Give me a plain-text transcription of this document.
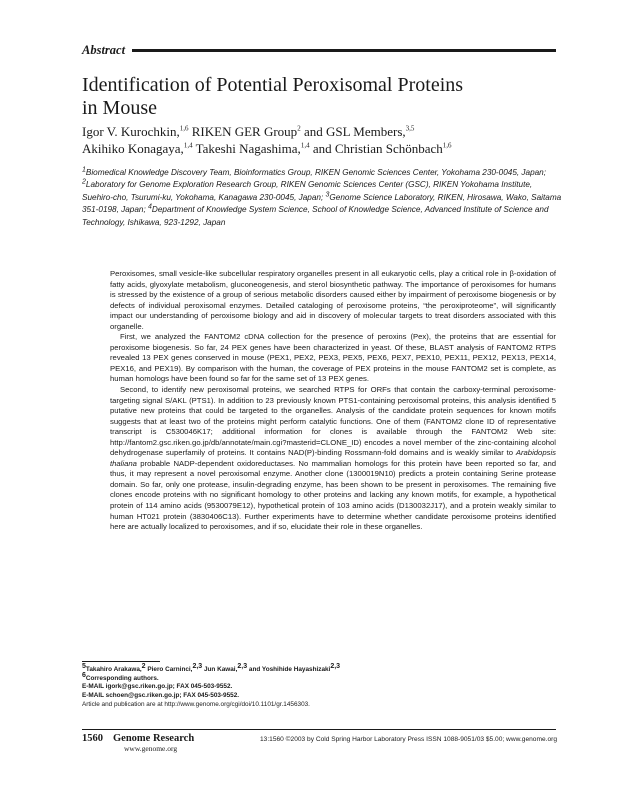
Abstract
Identification of Potential Peroxisomal Proteins
in Mouse
Igor V. Kurochkin,$^{1,6}$ RIKEN GER Group$^2$ and GSL Members,$^{3,5}$
Akihiko Konagaya,$^{1,4}$ Takeshi Nagashima,$^{1,4}$ and Christian Schönbach$^{1,6}$
$^1$Biomedical Knowledge Discovery Team, Bioinformatics Group, RIKEN Genomic Sciences Center, Yokohama 230-0045, Japan; $^2$Laboratory for Genome Exploration Research Group, RIKEN Genomic Sciences Center (GSC), RIKEN Yokohama Institute, Suehiro-cho, Tsurumi-ku, Yokohama, Kanagawa 230-0045, Japan; $^3$Genome Science Laboratory, RIKEN, Hirosawa, Wako, Saitama 351-0198, Japan; $^4$Department of Knowledge System Science, School of Knowledge Science, Advanced Institute of Science and Technology, Ishikawa, 923-1292, Japan

Peroxisomes, small vesicle-like subcellular respiratory organelles present in all eukaryotic cells, play a critical role in β-oxidation of fatty acids, glyoxylate metabolism, gluconeogenesis, and sterol biosynthetic pathway. The importance of peroxisomes for humans is stressed by the existence of a group of serious metabolic disorders caused either by impairment of peroxisome biogenesis or by defects of individual peroxisomal enzymes. Detailed cataloging of peroxisome proteins, “the peroxiproteome”, will significantly impact our understanding of peroxisome biology and aid in discovery of molecular targets to treat disorders associated with this organelle.

First, we analyzed the FANTOM2 cDNA collection for the presence of peroxins (Pex), the proteins that are essential for peroxisome biogenesis. So far, 24 PEX genes have been characterized in yeast. Of these, BLAST analysis of FANTOM2 RTPS revealed 13 PEX genes conserved in mouse (PEX1, PEX2, PEX3, PEX5, PEX6, PEX7, PEX10, PEX11, PEX12, PEX13, PEX14, PEX16, and PEX19). By comparison with the human, the coverage of PEX proteins in the mouse FANTOM2 set is complete, as human homologs have been found so far for the same set of 13 PEX genes.

Second, to identify new peroxisomal proteins, we searched RTPS for ORFs that contain the carboxy-terminal peroxisome-targeting signal S/AKL (PTS1). In addition to 23 previously known PTS1-containing peroxisomal proteins, this analysis identified 5 putative new proteins that could be targeted to the organelles. Analysis of the candidate protein sequences for known motifs suggests that at least two of the proteins might perform catalytic functions. One of them (FANTOM2 clone ID of representative transcript is C530046K17; additional information for clones is available through the FANTOM2 Web site: http://fantom2.gsc.riken.go.jp/db/annotate/main.cgi?masterid=CLONE_ID) encodes a novel member of the zinc-containing alcohol dehydrogenase superfamily of proteins. It contains NAD(P)-binding Rossmann-fold domains and is weakly similar to Arabidopsis thaliana probable NADP-dependent oxidoreductases. No mammalian homologs for this protein have been reported so far, and thus, it may represent a novel peroxisomal enzyme. Another clone (1300019N10) predicts a protein containing Serine protease domain. So far, only one protease, insulin-degrading enzyme, has been shown to be present in peroxisomes. The remaining five clones encode proteins with no significant homology to other proteins and lacking any known motifs, for example, a hypothetical protein of 114 amino acids (9530079E12), hypothetical protein of 103 amino acids (D130032J17), and a protein weakly similar to human HT021 protein (3830406C13). Further experiments have to determine whether candidate peroxisome proteins identified here are actually localized to peroxisomes, and if so, elucidate their role in these organelles.

$^5$Takahiro Arakawa,$^2$ Piero Carninci,$^{2,3}$ Jun Kawai,$^{2,3}$ and Yoshihide Hayashizaki$^{2,3}$
$^6$Corresponding authors.
E-MAIL igork@gsc.riken.go.jp; FAX 045-503-9552.
E-MAIL schoen@gsc.riken.go.jp; FAX 045-503-9552.
Article and publication are at http://www.genome.org/cgi/doi/10.1101/gr.1456303.
1560 Genome Research
www.genome.org
13:1560 ©2003 by Cold Spring Harbor Laboratory Press ISSN 1088-9051/03 $5.00; www.genome.org
